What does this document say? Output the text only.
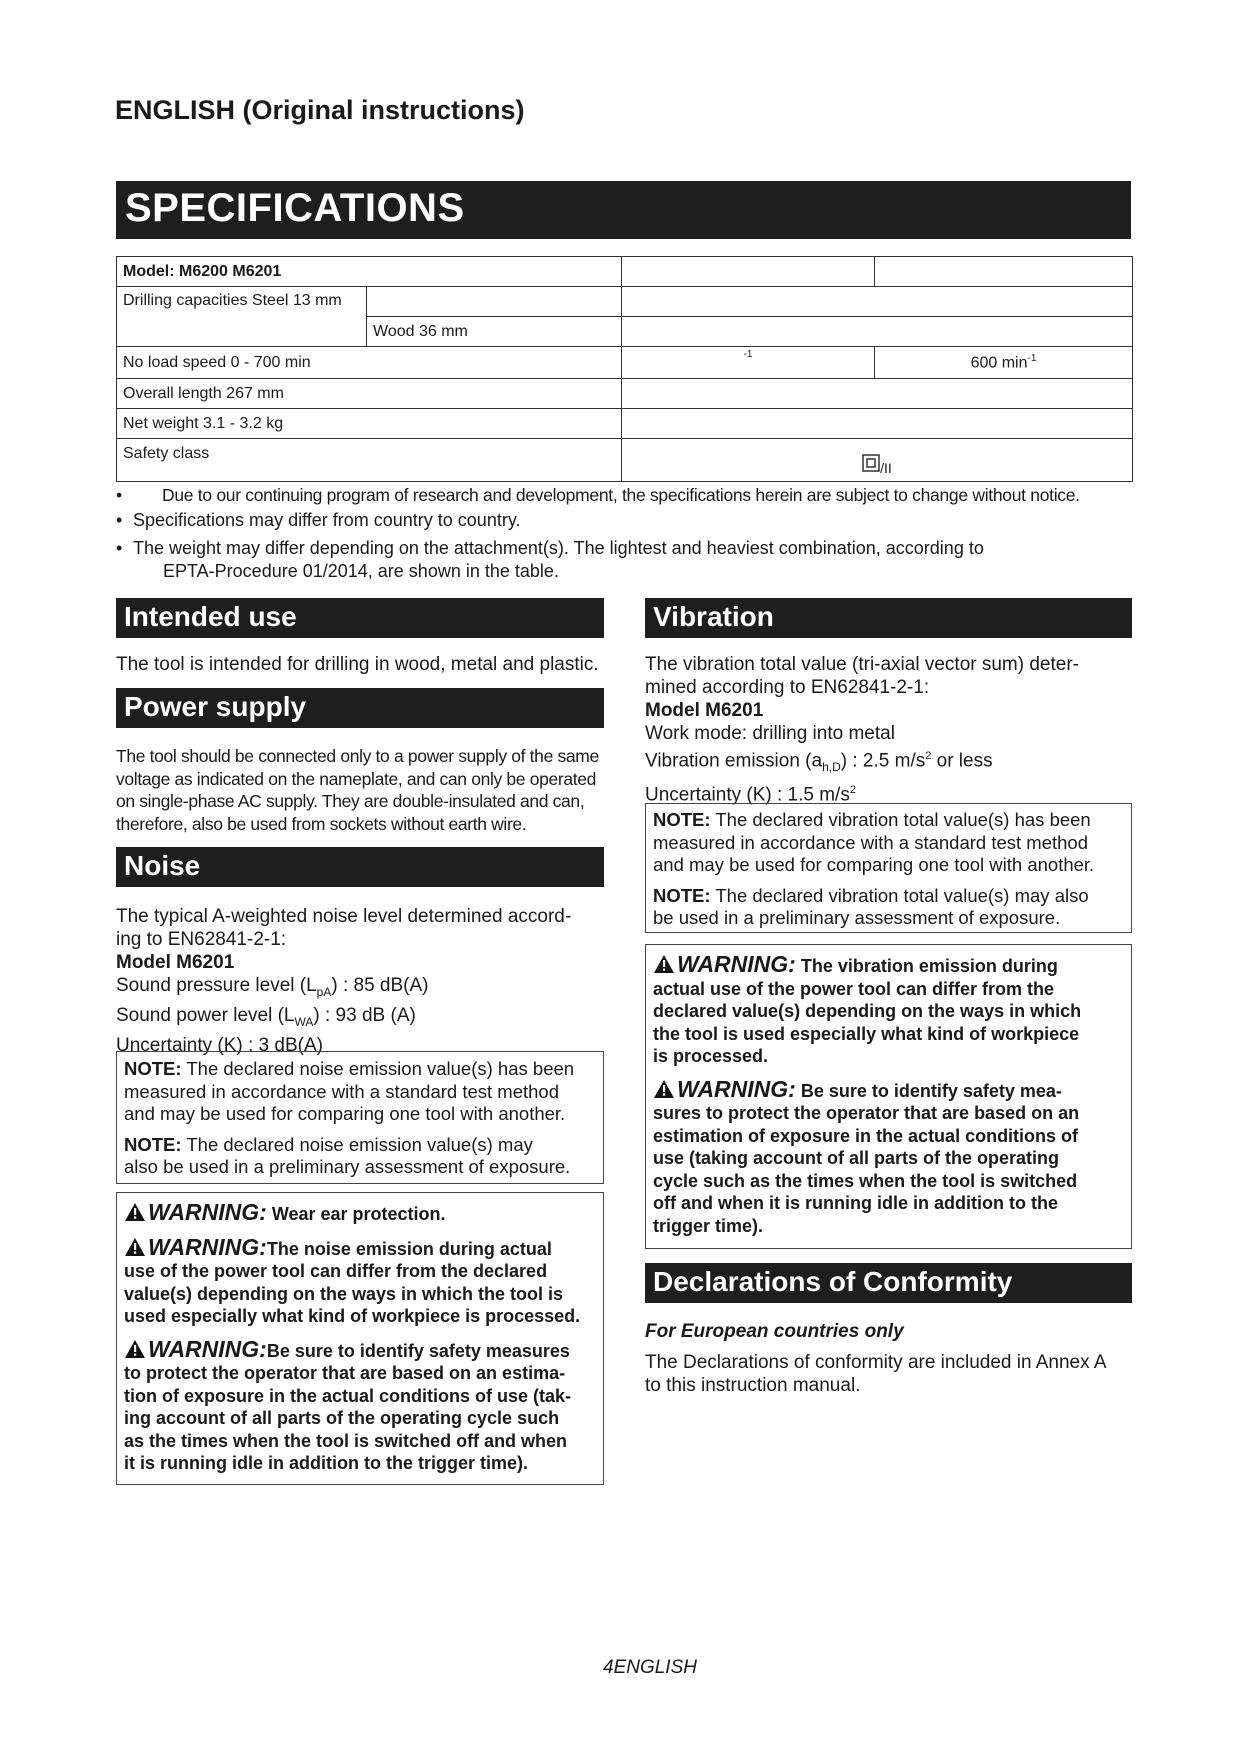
ENGLISH (Original instructions)
SPECIFICATIONS
Model: M6200 M6201			
Drilling capacities Steel 13 mm			
	Wood 36 mm		
No load speed 0 - 700 min		-1	600 $\min^{-1}$
Overall length 267 mm			
Net weight 3.1 - 3.2 kg			
Safety class		/II	
• Due to our continuing program of research and development, the specifications herein are subject to change without notice.
• Specifications may differ from country to country.
• The weight may differ depending on the attachment(s). The lightest and heaviest combination, according to
EPTA-Procedure 01/2014, are shown in the table.
Intended use
The tool is intended for drilling in wood, metal and plastic.
Power supply
The tool should be connected only to a power supply of the same
voltage as indicated on the nameplate, and can only be operated
on single-phase AC supply. They are double-insulated and can,
therefore, also be used from sockets without earth wire.
Noise
The typical A-weighted noise level determined accord-
ing to EN62841-2-1:
Model M6201
Sound pressure level $(L_{pA})$ : 85 dB(A)
Sound power level $(L_{WA})$ : 93 dB (A)
Uncertainty (K) : 3 dB(A)

NOTE: The declared noise emission value(s) has been
measured in accordance with a standard test method
and may be used for comparing one tool with another.

NOTE: The declared noise emission value(s) may
also be used in a preliminary assessment of exposure.

WARNING: Wear ear protection.

WARNING:The noise emission during actual
use of the power tool can differ from the declared
value(s) depending on the ways in which the tool is
used especially what kind of workpiece is processed.

WARNING:Be sure to identify safety measures
to protect the operator that are based on an estima-
tion of exposure in the actual conditions of use (tak-
ing account of all parts of the operating cycle such
as the times when the tool is switched off and when
it is running idle in addition to the trigger time).

Vibration
The vibration total value (tri-axial vector sum) deter-
mined according to EN62841-2-1:
Model M6201
Work mode: drilling into metal
Vibration emission $(a_{h,D})$ : 2.5 $m/s^2$ or less
Uncertainty (K) : 1.5 $m/s^2$

NOTE: The declared vibration total value(s) has been
measured in accordance with a standard test method
and may be used for comparing one tool with another.

NOTE: The declared vibration total value(s) may also
be used in a preliminary assessment of exposure.

WARNING: The vibration emission during
actual use of the power tool can differ from the
declared value(s) depending on the ways in which
the tool is used especially what kind of workpiece
is processed.

WARNING: Be sure to identify safety mea-
sures to protect the operator that are based on an
estimation of exposure in the actual conditions of
use (taking account of all parts of the operating
cycle such as the times when the tool is switched
off and when it is running idle in addition to the
trigger time).

Declarations of Conformity
For European countries only
The Declarations of conformity are included in Annex A
to this instruction manual.
4ENGLISH
